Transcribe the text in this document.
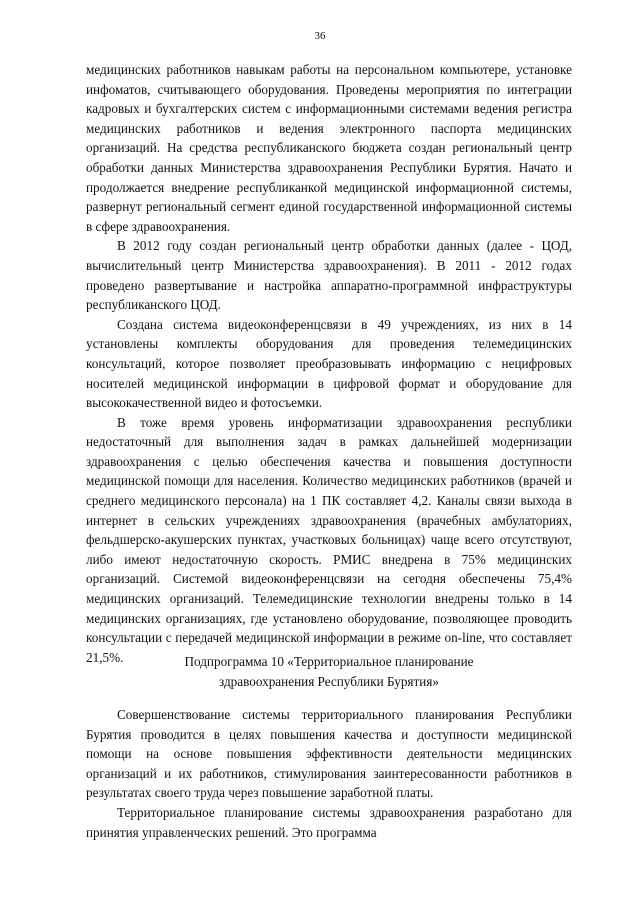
36

медицинских работников навыкам работы на персональном компьютере, установке инфоматов, считывающего оборудования. Проведены мероприятия по интеграции кадровых и бухгалтерских систем с информационными системами ведения регистра медицинских работников и ведения электронного паспорта медицинских организаций. На средства республиканского бюджета создан региональный центр обработки данных Министерства здравоохранения Республики Бурятия. Начато и продолжается внедрение республиканкой медицинской информационной системы, развернут региональный сегмент единой государственной информационной системы в сфере здравоохранения.

В 2012 году создан региональный центр обработки данных (далее - ЦОД, вычислительный центр Министерства здравоохранения). В 2011 - 2012 годах проведено развертывание и настройка аппаратно-программной инфраструктуры республиканского ЦОД.

Создана система видеоконференцсвязи в 49 учреждениях, из них в 14 установлены комплекты оборудования для проведения телемедицинских консультаций, которое позволяет преобразовывать информацию с нецифровых носителей медицинской информации в цифровой формат и оборудование для высококачественной видео и фотосъемки.

В тоже время уровень информатизации здравоохранения республики недостаточный для выполнения задач в рамках дальнейшей модернизации здравоохранения с целью обеспечения качества и повышения доступности медицинской помощи для населения. Количество медицинских работников (врачей и среднего медицинского персонала) на 1 ПК составляет 4,2. Каналы связи выхода в интернет в сельских учреждениях здравоохранения (врачебных амбулаториях, фельдшерско-акушерских пунктах, участковых больницах) чаще всего отсутствуют, либо имеют недостаточную скорость. РМИС внедрена в 75% медицинских организаций. Системой видеоконференцсвязи на сегодня обеспечены 75,4% медицинских организаций. Телемедицинские технологии внедрены только в 14 медицинских организациях, где установлено оборудование, позволяющее проводить консультации с передачей медицинской информации в режиме on-line, что составляет 21,5%.	Подпрограмма 10 «Территориальное планирование
здравоохранения Республики Бурятия»

Совершенствование системы территориального планирования Республики Бурятия проводится в целях повышения качества и доступности медицинской помощи на основе повышения эффективности деятельности медицинских организаций и их работников, стимулирования заинтересованности работников в результатах своего труда через повышение заработной платы.

Территориальное планирование системы здравоохранения разработано для принятия управленческих решений. Это программа
